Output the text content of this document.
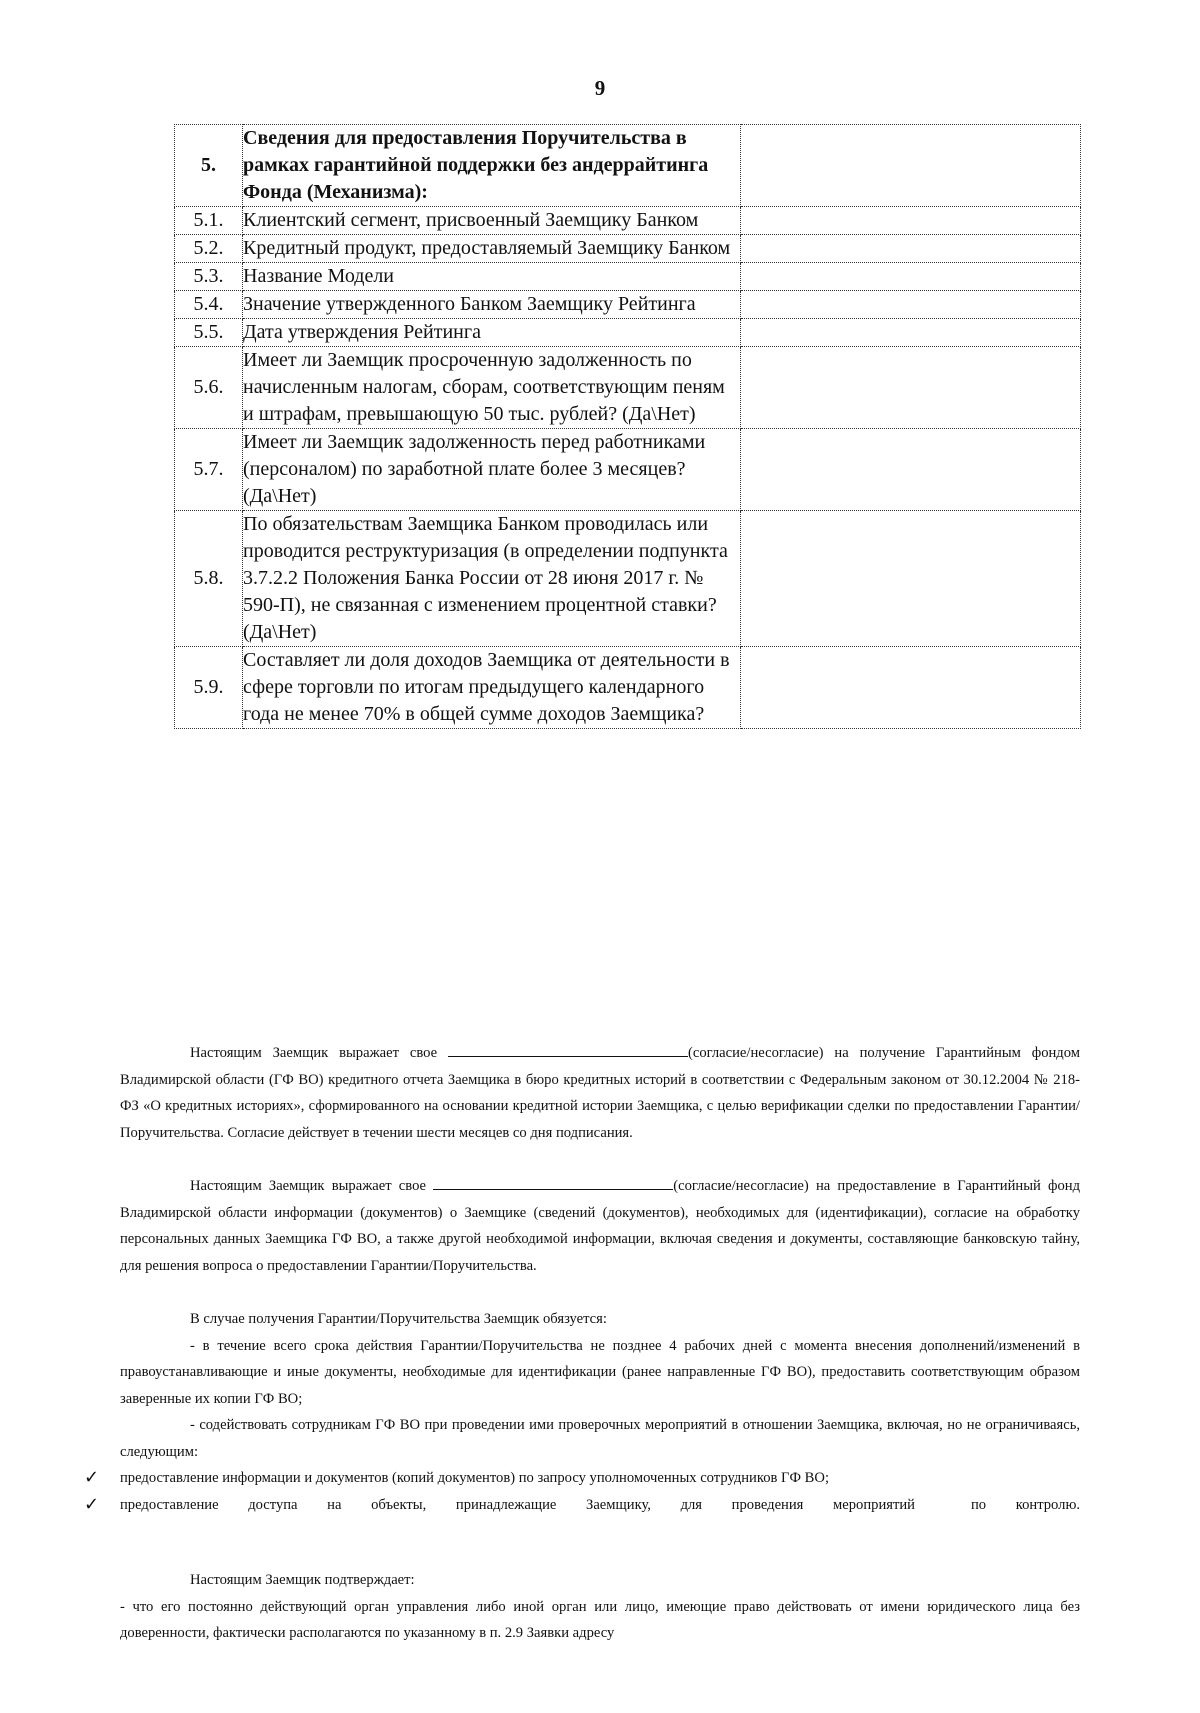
9
5.	Сведения для предоставления Поручительства в рамках гарантийной поддержки без андеррайтинга Фонда (Механизма):	
5.1.	Клиентский сегмент, присвоенный Заемщику Банком	
5.2.	Кредитный продукт, предоставляемый Заемщику Банком	
5.3.	Название Модели	
5.4.	Значение утвержденного Банком Заемщику Рейтинга	
5.5.	Дата утверждения Рейтинга	
5.6.	Имеет ли Заемщик просроченную задолженность по начисленным налогам, сборам, соответствующим пеням и штрафам, превышающую 50 тыс. рублей? (Да\Нет)	
5.7.	Имеет ли Заемщик задолженность перед работниками (персоналом) по заработной плате более 3 месяцев? (Да\Нет)	
5.8.	По обязательствам Заемщика Банком проводилась или проводится реструктуризация (в определении подпункта 3.7.2.2 Положения Банка России от 28 июня 2017 г. № 590-П), не связанная с изменением процентной ставки? (Да\Нет)	
5.9.	Составляет ли доля доходов Заемщика от деятельности в сфере торговли по итогам предыдущего календарного года не менее 70% в общей сумме доходов Заемщика?	

Настоящим Заемщик выражает свое	(согласие/несогласие) на получение Гарантийным фондом Владимирской области (ГФ ВО) кредитного отчета Заемщика в бюро кредитных историй в соответствии с Федеральным законом от 30.12.2004 № 218-ФЗ «О кредитных историях», сформированного на основании кредитной истории Заемщика, с целью верификации сделки по предоставлении Гарантии/Поручительства. Согласие действует в течении шести месяцев со дня подписания.

Настоящим Заемщик выражает свое	(согласие/несогласие) на предоставление в Гарантийный фонд Владимирской области информации (документов) о Заемщике (сведений (документов), необходимых для (идентификации), согласие на обработку персональных данных Заемщика ГФ ВО, а также другой необходимой информации, включая сведения и документы, составляющие банковскую тайну, для решения вопроса о предоставлении Гарантии/Поручительства.

В случае получения Гарантии/Поручительства Заемщик обязуется:

- в течение всего срока действия Гарантии/Поручительства не позднее 4 рабочих дней с момента внесения дополнений/изменений в правоустанавливающие и иные документы, необходимые для идентификации (ранее направленные ГФ ВО), предоставить соответствующим образом заверенные их копии ГФ ВО;

- содействовать сотрудникам ГФ ВО при проведении ими проверочных мероприятий в отношении Заемщика, включая, но не ограничиваясь, следующим:

✓ предоставление информации и документов (копий документов) по запросу уполномоченных сотрудников ГФ ВО;

✓ предоставление доступа на объекты, принадлежащие Заемщику, для проведения мероприятий	по контролю.

Настоящим Заемщик подтверждает:

- что его постоянно действующий орган управления либо иной орган или лицо, имеющие право действовать от имени юридического лица без доверенности, фактически располагаются по указанному в п. 2.9 Заявки адресу
